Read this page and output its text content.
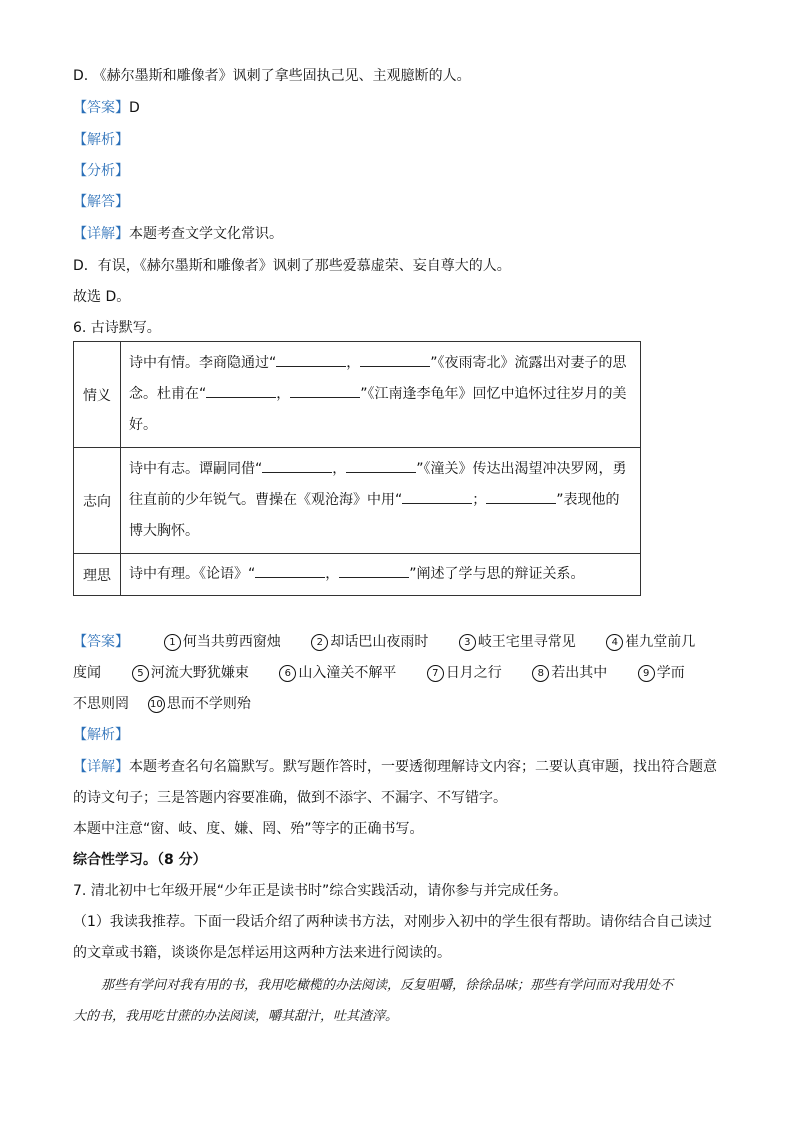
D. 《赫尔墨斯和雕像者》讽刺了拿些固执己见、主观臆断的人。
【答案】D
【解析】
【分析】
【解答】
【详解】本题考查文学文化常识。
D．有误，《赫尔墨斯和雕像者》讽刺了那些爱慕虚荣、妄自尊大的人。
故选 D。
6. 古诗默写。
情义	诗中有情。李商隐通过“ ， ”《夜雨寄北》流露出对妻子的思念。杜甫在“ ， ”《江南逢李龟年》回忆中追怀过往岁月的美好。
志向	诗中有志。谭嗣同借“ ， ”《潼关》传达出渴望冲决罗网，勇往直前的少年锐气。曹操在《观沧海》中用“ ； ”表现他的博大胸怀。
理思	诗中有理。《论语》“ ， ”阐述了学与思的辩证关系。
【答案】	1 何当共剪西窗烛	2 却话巴山夜雨时	3 岐王宅里寻常见	4 崔九堂前几
度闻	5 河流大野犹嫌束	6 山入潼关不解平	7 日月之行	8 若出其中	9 学而
不思则罔 10 思而不学则殆
【解析】
【详解】本题考查名句名篇默写。默写题作答时，一要透彻理解诗文内容；二要认真审题，找出符合题意
的诗文句子；三是答题内容要准确，做到不添字、不漏字、不写错字。
本题中注意“窗、岐、度、嫌、罔、殆”等字的正确书写。
综合性学习。（8 分）
7. 清北初中七年级开展“少年正是读书时”综合实践活动，请你参与并完成任务。
（1）我读我推荐。下面一段话介绍了两种读书方法，对刚步入初中的学生很有帮助。请你结合自己读过
的文章或书籍，谈谈你是怎样运用这两种方法来进行阅读的。
那些有学问对我有用的书，我用吃橄榄的办法阅读，反复咀嚼，徐徐品味；那些有学问而对我用处不
大的书，我用吃甘蔗的办法阅读，嚼其甜汁，吐其渣滓。
